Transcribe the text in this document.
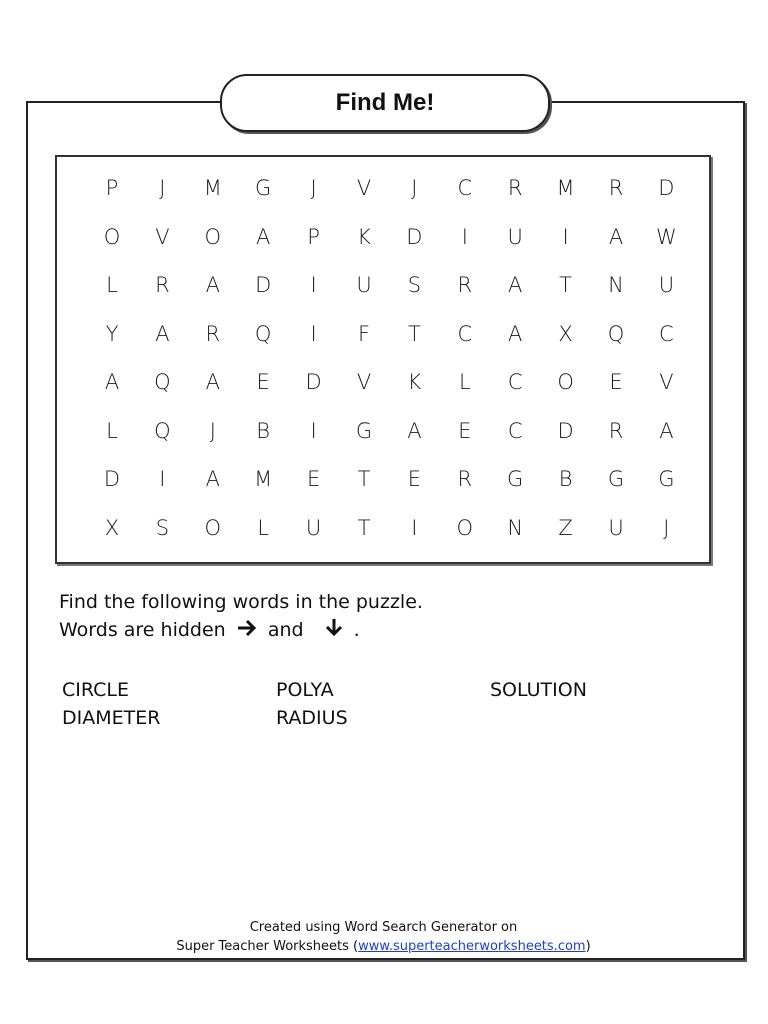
Find Me!
P	J	M	G	J	V	J	C	R	M	R	D
O	V	O	A	P	K	D	I	U	I	A	W
L	R	A	D	I	U	S	R	A	T	N	U
Y	A	R	Q	I	F	T	C	A	X	Q	C
A	Q	A	E	D	V	K	L	C	O	E	V
L	Q	J	B	I	G	A	E	C	D	R	A
D	I	A	M	E	T	E	R	G	B	G	G
X	S	O	L	U	T	I	O	N	Z	U	J
Find the following words in the puzzle.
Words are hidden and	.
CIRCLE	POLYA	SOLUTION
DIAMETER	RADIUS
Created using Word Search Generator on
Super Teacher Worksheets (www.superteacherworksheets.com)
